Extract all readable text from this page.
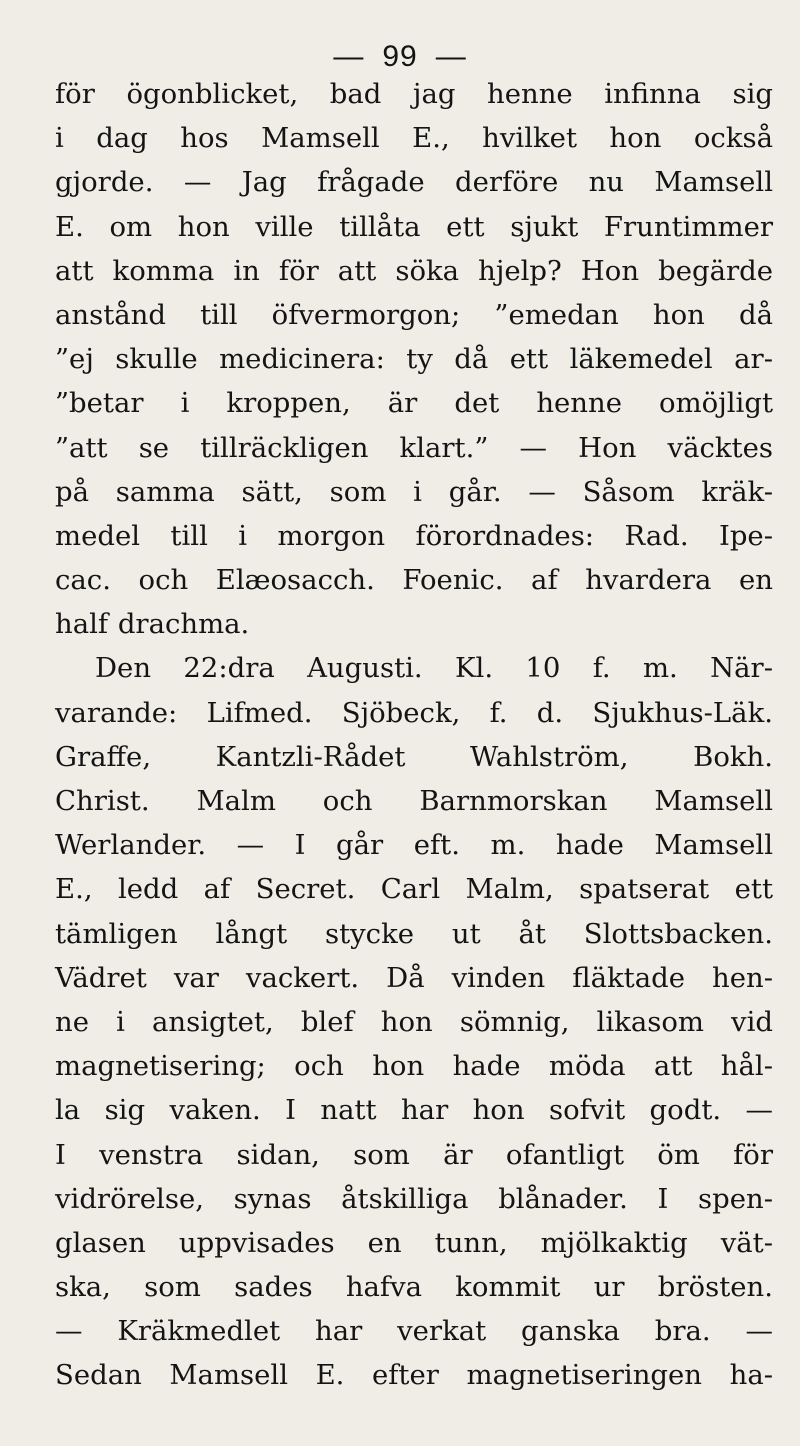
— 99 —
för ögonblicket, bad jag henne infinna sig
i dag hos Mamsell E., hvilket hon också
gjorde. — Jag frågade derföre nu Mamsell
E. om hon ville tillåta ett sjukt Fruntimmer
att komma in för att söka hjelp? Hon begärde
anstånd till öfvermorgon; ”emedan hon då
”ej skulle medicinera: ty då ett läkemedel ar-
”betar i kroppen, är det henne omöjligt
”att se tillräckligen klart.” — Hon väcktes
på samma sätt, som i går. — Såsom kräk-
medel till i morgon förordnades: Rad. Ipe-
cac. och Elæosacch. Foenic. af hvardera en
half drachma.
Den 22:dra Augusti. Kl. 10 f. m. När-
varande: Lifmed. Sjöbeck, f. d. Sjukhus-Läk.
Graffe, Kantzli-Rådet Wahlström, Bokh.
Christ. Malm och Barnmorskan Mamsell
Werlander. — I går eft. m. hade Mamsell
E., ledd af Secret. Carl Malm, spatserat ett
tämligen långt stycke ut åt Slottsbacken.
Vädret var vackert. Då vinden fläktade hen-
ne i ansigtet, blef hon sömnig, likasom vid
magnetisering; och hon hade möda att hål-
la sig vaken. I natt har hon sofvit godt. —
I venstra sidan, som är ofantligt öm för
vidrörelse, synas åtskilliga blånader. I spen-
glasen uppvisades en tunn, mjölkaktig vät-
ska, som sades hafva kommit ur brösten.
— Kräkmedlet har verkat ganska bra. —
Sedan Mamsell E. efter magnetiseringen ha-
